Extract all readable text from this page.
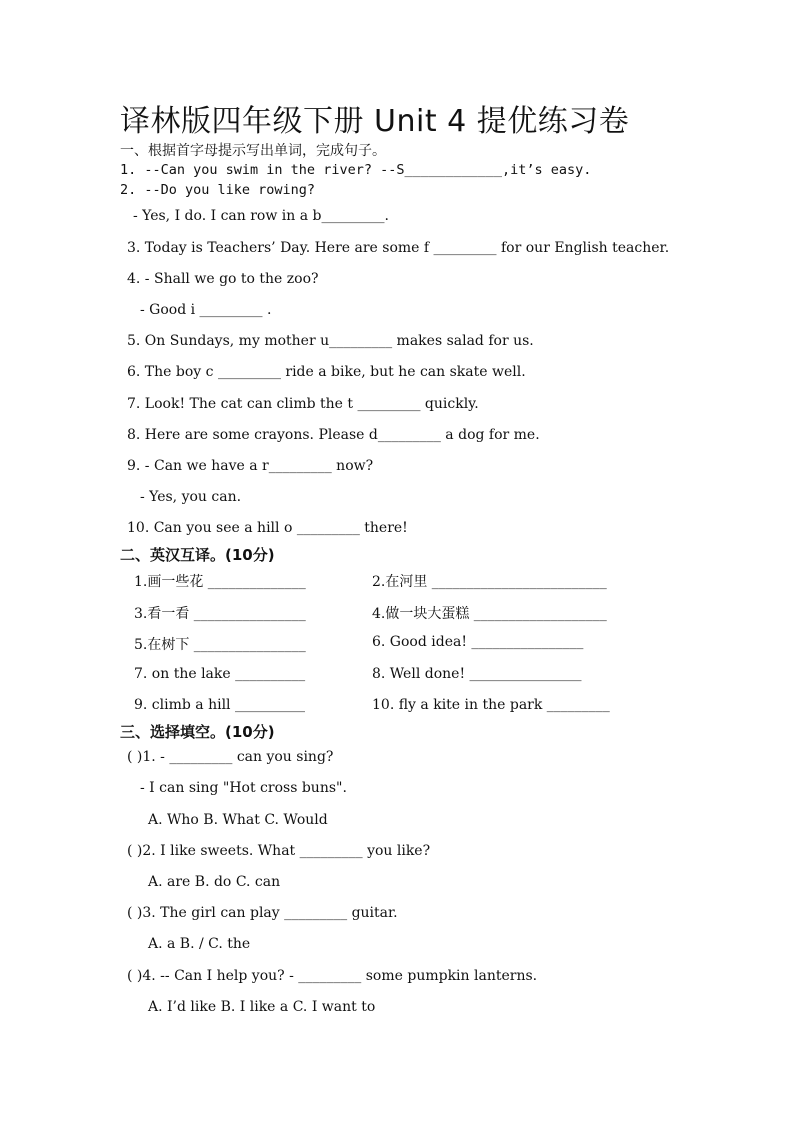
译林版四年级下册 Unit 4 提优练习卷
一、根据首字母提示写出单词，完成句子。
1. --Can you swim in the river? --S____________,it’s easy.
2. --Do you like rowing?
- Yes, I do. I can row in a b_________.
3. Today is Teachers’ Day. Here are some f _________ for our English teacher.
4. - Shall we go to the zoo?
- Good i _________ .
5. On Sundays, my mother u_________ makes salad for us.
6. The boy c _________ ride a bike, but he can skate well.
7. Look! The cat can climb the t _________ quickly.
8. Here are some crayons. Please d_________ a dog for me.
9. - Can we have a r_________ now?
- Yes, you can.
10. Can you see a hill o _________ there!
二、英汉互译。(10分)
1.画一些花 ______________	2.在河里 _________________________
3.看一看 ________________	4.做一块大蛋糕 ___________________
5.在树下 ________________	6. Good idea! ________________
7. on the lake __________	8. Well done! ________________
9. climb a hill __________	10. fly a kite in the park _________
三、选择填空。(10分)
( )1. - _________ can you sing?
- I can sing "Hot cross buns".
A. Who B. What C. Would
( )2. I like sweets. What _________ you like?
A. are B. do C. can
( )3. The girl can play _________ guitar.
A. a B. / C. the
( )4. -- Can I help you? - _________ some pumpkin lanterns.
A. I’d like B. I like a C. I want to
